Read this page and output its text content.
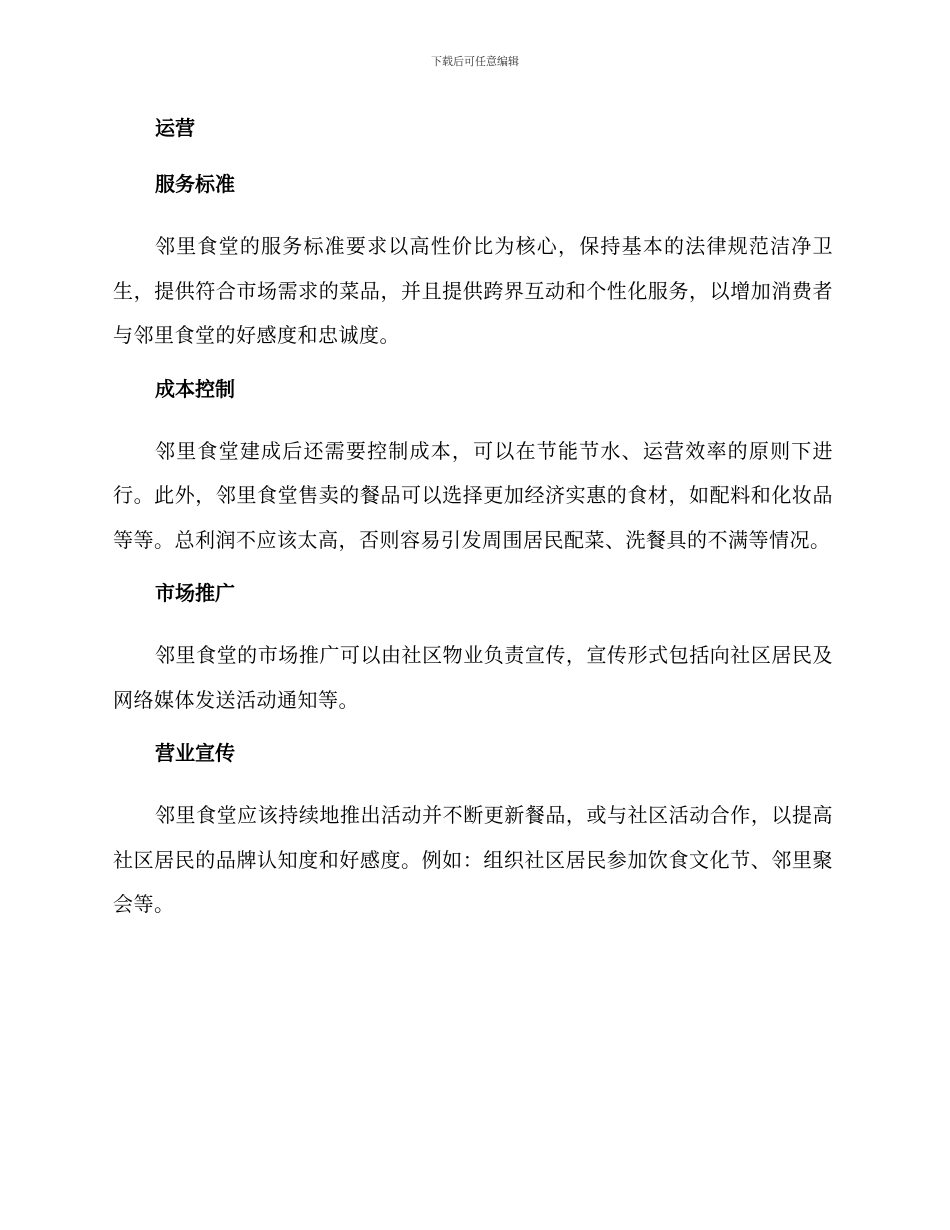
下载后可任意编辑
运营
服务标准

邻里食堂的服务标准要求以高性价比为核心，保持基本的法律规范洁净卫生，提供符合市场需求的菜品，并且提供跨界互动和个性化服务，以增加消费者与邻里食堂的好感度和忠诚度。

成本控制

邻里食堂建成后还需要控制成本，可以在节能节水、运营效率的原则下进行。此外，邻里食堂售卖的餐品可以选择更加经济实惠的食材，如配料和化妆品等等。总利润不应该太高，否则容易引发周围居民配菜、洗餐具的不满等情况。

市场推广

邻里食堂的市场推广可以由社区物业负责宣传，宣传形式包括向社区居民及网络媒体发送活动通知等。

营业宣传

邻里食堂应该持续地推出活动并不断更新餐品，或与社区活动合作，以提高社区居民的品牌认知度和好感度。例如：组织社区居民参加饮食文化节、邻里聚会等。
